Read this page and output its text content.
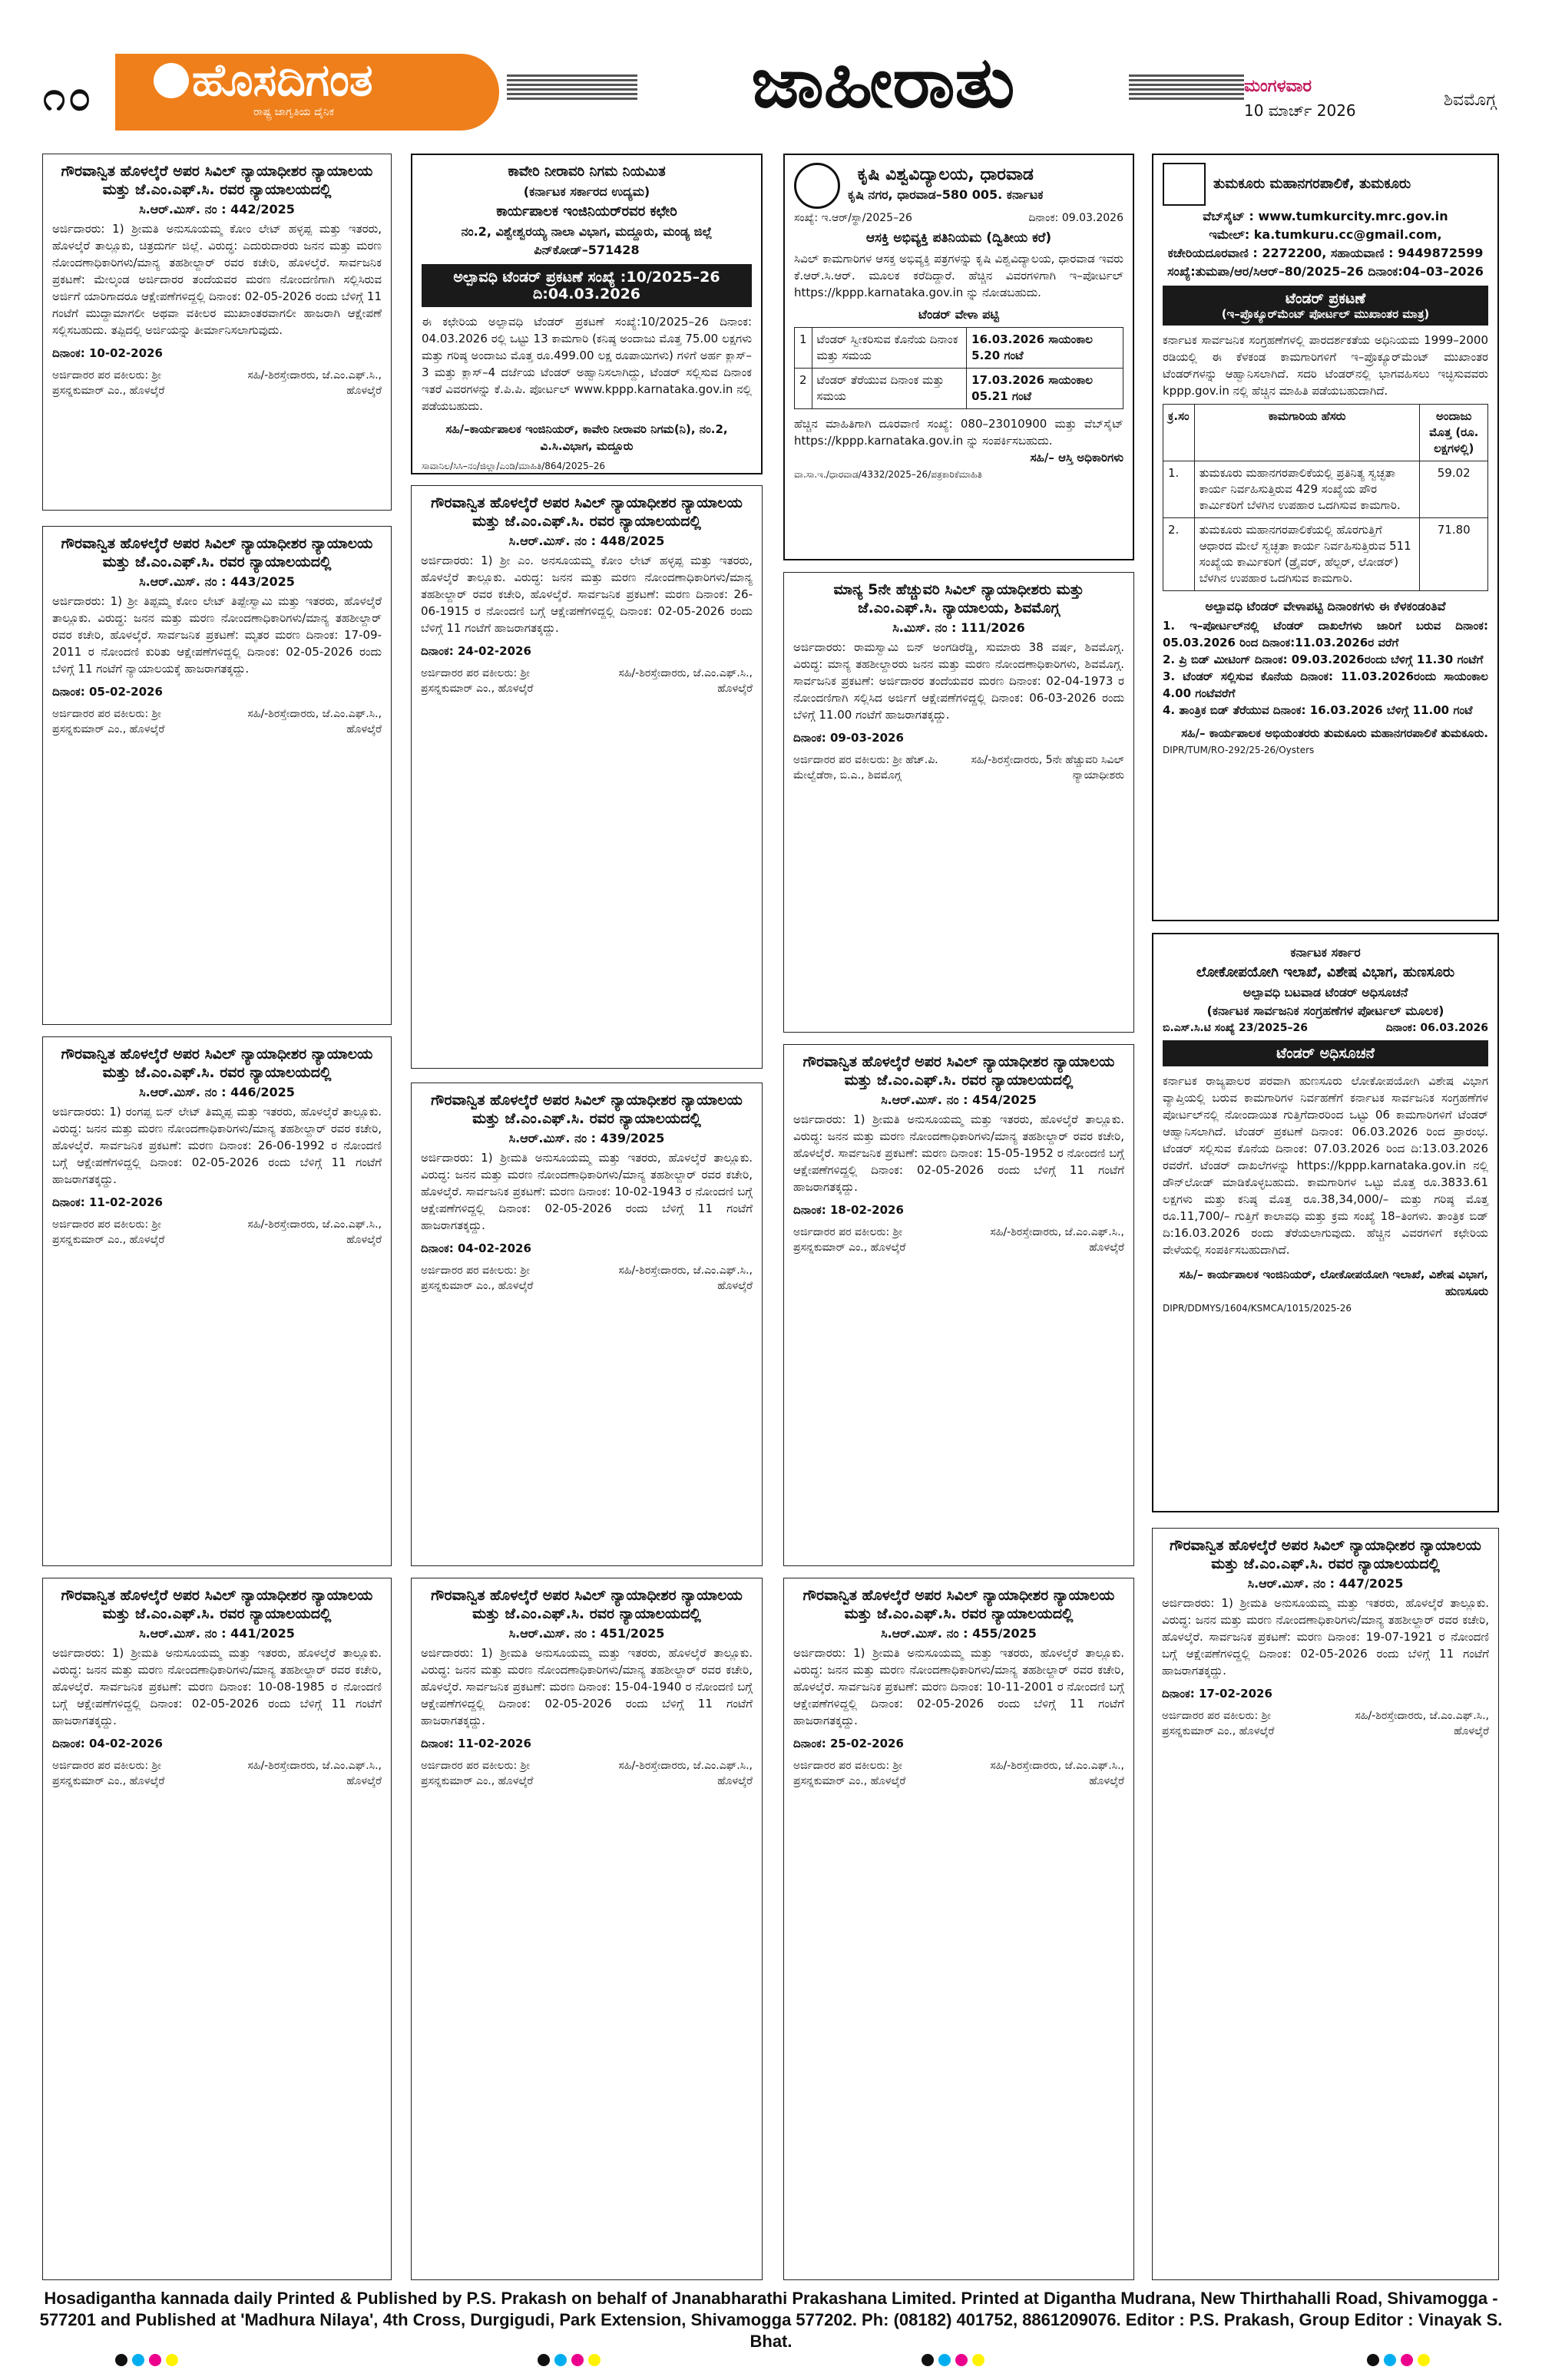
೧೦ ಹೊಸದಿಗಂತ
ರಾಷ್ಟ್ರ ಜಾಗೃತಿಯ ದೈನಿಕ	ಜಾಹೀರಾತು	ಮಂಗಳವಾರ
10 ಮಾರ್ಚ್ 2026
ಶಿವಮೊಗ್ಗ
ಗೌರವಾನ್ವಿತ ಹೊಳಲ್ಕೆರೆ ಅಪರ ಸಿವಿಲ್ ನ್ಯಾಯಾಧೀಶರ ನ್ಯಾಯಾಲಯ ಮತ್ತು ಜೆ.ಎಂ.ಎಫ್.ಸಿ. ರವರ ನ್ಯಾಯಾಲಯದಲ್ಲಿ
ಸಿ.ಆರ್.ಮಿಸ್. ನಂ : 442/2025
ಅರ್ಜಿದಾರರು: 1) ಶ್ರೀಮತಿ ಅನುಸೂಯಮ್ಮ ಕೋಂ ಲೇಟ್ ಹಳ್ಳಪ್ಪ ಮತ್ತು ಇತರರು, ಹೊಳಲ್ಕೆರೆ ತಾಲ್ಲೂಕು, ಚಿತ್ರದುರ್ಗ ಜಿಲ್ಲೆ. ವಿರುದ್ಧ: ಎದುರುದಾರರು ಜನನ ಮತ್ತು ಮರಣ ನೋಂದಣಾಧಿಕಾರಿಗಳು/ಮಾನ್ಯ ತಹಶೀಲ್ದಾರ್ ರವರ ಕಚೇರಿ, ಹೊಳಲ್ಕೆರೆ. ಸಾರ್ವಜನಿಕ ಪ್ರಕಟಣೆ: ಮೇಲ್ಕಂಡ ಅರ್ಜಿದಾರರ ತಂದೆಯವರ ಮರಣ ನೋಂದಣಿಗಾಗಿ ಸಲ್ಲಿಸಿರುವ ಅರ್ಜಿಗೆ ಯಾರಿಗಾದರೂ ಆಕ್ಷೇಪಣೆಗಳಿದ್ದಲ್ಲಿ ದಿನಾಂಕ: 02-05-2026 ರಂದು ಬೆಳಿಗ್ಗೆ 11 ಗಂಟೆಗೆ ಮುದ್ದಾಮಾಗಲೀ ಅಥವಾ ವಕೀಲರ ಮುಖಾಂತರವಾಗಲೀ ಹಾಜರಾಗಿ ಆಕ್ಷೇಪಣೆ ಸಲ್ಲಿಸಬಹುದು. ತಪ್ಪಿದಲ್ಲಿ ಅರ್ಜಿಯನ್ನು ತೀರ್ಮಾನಿಸಲಾಗುವುದು.
ದಿನಾಂಕ: 10-02-2026
ಅರ್ಜಿದಾರರ ಪರ ವಕೀಲರು: ಶ್ರೀ ಪ್ರಸನ್ನಕುಮಾರ್ ಎಂ., ಹೊಳಲ್ಕೆರೆ
ಸಹಿ/-ಶಿರಸ್ತೇದಾರರು, ಜೆ.ಎಂ.ಎಫ್.ಸಿ., ಹೊಳಲ್ಕೆರೆ
ಗೌರವಾನ್ವಿತ ಹೊಳಲ್ಕೆರೆ ಅಪರ ಸಿವಿಲ್ ನ್ಯಾಯಾಧೀಶರ ನ್ಯಾಯಾಲಯ ಮತ್ತು ಜೆ.ಎಂ.ಎಫ್.ಸಿ. ರವರ ನ್ಯಾಯಾಲಯದಲ್ಲಿ
ಸಿ.ಆರ್.ಮಿಸ್. ನಂ : 443/2025
ಅರ್ಜಿದಾರರು: 1) ಶ್ರೀ ತಿಪ್ಪಮ್ಮ ಕೋಂ ಲೇಟ್ ತಿಪ್ಪೇಸ್ವಾಮಿ ಮತ್ತು ಇತರರು, ಹೊಳಲ್ಕೆರೆ ತಾಲ್ಲೂಕು. ವಿರುದ್ಧ: ಜನನ ಮತ್ತು ಮರಣ ನೋಂದಣಾಧಿಕಾರಿಗಳು/ಮಾನ್ಯ ತಹಶೀಲ್ದಾರ್ ರವರ ಕಚೇರಿ, ಹೊಳಲ್ಕೆರೆ. ಸಾರ್ವಜನಿಕ ಪ್ರಕಟಣೆ: ಮೃತರ ಮರಣ ದಿನಾಂಕ: 17-09-2011 ರ ನೋಂದಣಿ ಕುರಿತು ಆಕ್ಷೇಪಣೆಗಳಿದ್ದಲ್ಲಿ ದಿನಾಂಕ: 02-05-2026 ರಂದು ಬೆಳಿಗ್ಗೆ 11 ಗಂಟೆಗೆ ನ್ಯಾಯಾಲಯಕ್ಕೆ ಹಾಜರಾಗತಕ್ಕದ್ದು.
ದಿನಾಂಕ: 05-02-2026
ಅರ್ಜಿದಾರರ ಪರ ವಕೀಲರು: ಶ್ರೀ ಪ್ರಸನ್ನಕುಮಾರ್ ಎಂ., ಹೊಳಲ್ಕೆರೆ
ಸಹಿ/-ಶಿರಸ್ತೇದಾರರು, ಜೆ.ಎಂ.ಎಫ್.ಸಿ., ಹೊಳಲ್ಕೆರೆ
ಗೌರವಾನ್ವಿತ ಹೊಳಲ್ಕೆರೆ ಅಪರ ಸಿವಿಲ್ ನ್ಯಾಯಾಧೀಶರ ನ್ಯಾಯಾಲಯ ಮತ್ತು ಜೆ.ಎಂ.ಎಫ್.ಸಿ. ರವರ ನ್ಯಾಯಾಲಯದಲ್ಲಿ
ಸಿ.ಆರ್.ಮಿಸ್. ನಂ : 446/2025
ಅರ್ಜಿದಾರರು: 1) ರಂಗಪ್ಪ ಬಿನ್ ಲೇಟ್ ತಿಮ್ಮಪ್ಪ ಮತ್ತು ಇತರರು, ಹೊಳಲ್ಕೆರೆ ತಾಲ್ಲೂಕು. ವಿರುದ್ಧ: ಜನನ ಮತ್ತು ಮರಣ ನೋಂದಣಾಧಿಕಾರಿಗಳು/ಮಾನ್ಯ ತಹಶೀಲ್ದಾರ್ ರವರ ಕಚೇರಿ, ಹೊಳಲ್ಕೆರೆ. ಸಾರ್ವಜನಿಕ ಪ್ರಕಟಣೆ: ಮರಣ ದಿನಾಂಕ: 26-06-1992 ರ ನೋಂದಣಿ ಬಗ್ಗೆ ಆಕ್ಷೇಪಣೆಗಳಿದ್ದಲ್ಲಿ ದಿನಾಂಕ: 02-05-2026 ರಂದು ಬೆಳಿಗ್ಗೆ 11 ಗಂಟೆಗೆ ಹಾಜರಾಗತಕ್ಕದ್ದು.
ದಿನಾಂಕ: 11-02-2026
ಅರ್ಜಿದಾರರ ಪರ ವಕೀಲರು: ಶ್ರೀ ಪ್ರಸನ್ನಕುಮಾರ್ ಎಂ., ಹೊಳಲ್ಕೆರೆ
ಸಹಿ/-ಶಿರಸ್ತೇದಾರರು, ಜೆ.ಎಂ.ಎಫ್.ಸಿ., ಹೊಳಲ್ಕೆರೆ
ಗೌರವಾನ್ವಿತ ಹೊಳಲ್ಕೆರೆ ಅಪರ ಸಿವಿಲ್ ನ್ಯಾಯಾಧೀಶರ ನ್ಯಾಯಾಲಯ ಮತ್ತು ಜೆ.ಎಂ.ಎಫ್.ಸಿ. ರವರ ನ್ಯಾಯಾಲಯದಲ್ಲಿ
ಸಿ.ಆರ್.ಮಿಸ್. ನಂ : 441/2025
ಅರ್ಜಿದಾರರು: 1) ಶ್ರೀಮತಿ ಅನುಸೂಯಮ್ಮ ಮತ್ತು ಇತರರು, ಹೊಳಲ್ಕೆರೆ ತಾಲ್ಲೂಕು. ವಿರುದ್ಧ: ಜನನ ಮತ್ತು ಮರಣ ನೋಂದಣಾಧಿಕಾರಿಗಳು/ಮಾನ್ಯ ತಹಶೀಲ್ದಾರ್ ರವರ ಕಚೇರಿ, ಹೊಳಲ್ಕೆರೆ. ಸಾರ್ವಜನಿಕ ಪ್ರಕಟಣೆ: ಮರಣ ದಿನಾಂಕ: 10-08-1985 ರ ನೋಂದಣಿ ಬಗ್ಗೆ ಆಕ್ಷೇಪಣೆಗಳಿದ್ದಲ್ಲಿ ದಿನಾಂಕ: 02-05-2026 ರಂದು ಬೆಳಿಗ್ಗೆ 11 ಗಂಟೆಗೆ ಹಾಜರಾಗತಕ್ಕದ್ದು.
ದಿನಾಂಕ: 04-02-2026
ಅರ್ಜಿದಾರರ ಪರ ವಕೀಲರು: ಶ್ರೀ ಪ್ರಸನ್ನಕುಮಾರ್ ಎಂ., ಹೊಳಲ್ಕೆರೆ
ಸಹಿ/-ಶಿರಸ್ತೇದಾರರು, ಜೆ.ಎಂ.ಎಫ್.ಸಿ., ಹೊಳಲ್ಕೆರೆ
ಗೌರವಾನ್ವಿತ ಹೊಳಲ್ಕೆರೆ ಅಪರ ಸಿವಿಲ್ ನ್ಯಾಯಾಧೀಶರ ನ್ಯಾಯಾಲಯ ಮತ್ತು ಜೆ.ಎಂ.ಎಫ್.ಸಿ. ರವರ ನ್ಯಾಯಾಲಯದಲ್ಲಿ
ಸಿ.ಆರ್.ಮಿಸ್. ನಂ : 448/2025
ಅರ್ಜಿದಾರರು: 1) ಶ್ರೀ ಎಂ. ಅನಸೂಯಮ್ಮ ಕೋಂ ಲೇಟ್ ಹಳ್ಳಪ್ಪ ಮತ್ತು ಇತರರು, ಹೊಳಲ್ಕೆರೆ ತಾಲ್ಲೂಕು. ವಿರುದ್ಧ: ಜನನ ಮತ್ತು ಮರಣ ನೋಂದಣಾಧಿಕಾರಿಗಳು/ಮಾನ್ಯ ತಹಶೀಲ್ದಾರ್ ರವರ ಕಚೇರಿ, ಹೊಳಲ್ಕೆರೆ. ಸಾರ್ವಜನಿಕ ಪ್ರಕಟಣೆ: ಮರಣ ದಿನಾಂಕ: 26-06-1915 ರ ನೋಂದಣಿ ಬಗ್ಗೆ ಆಕ್ಷೇಪಣೆಗಳಿದ್ದಲ್ಲಿ ದಿನಾಂಕ: 02-05-2026 ರಂದು ಬೆಳಿಗ್ಗೆ 11 ಗಂಟೆಗೆ ಹಾಜರಾಗತಕ್ಕದ್ದು.
ದಿನಾಂಕ: 24-02-2026
ಅರ್ಜಿದಾರರ ಪರ ವಕೀಲರು: ಶ್ರೀ ಪ್ರಸನ್ನಕುಮಾರ್ ಎಂ., ಹೊಳಲ್ಕೆರೆ
ಸಹಿ/-ಶಿರಸ್ತೇದಾರರು, ಜೆ.ಎಂ.ಎಫ್.ಸಿ., ಹೊಳಲ್ಕೆರೆ
ಗೌರವಾನ್ವಿತ ಹೊಳಲ್ಕೆರೆ ಅಪರ ಸಿವಿಲ್ ನ್ಯಾಯಾಧೀಶರ ನ್ಯಾಯಾಲಯ ಮತ್ತು ಜೆ.ಎಂ.ಎಫ್.ಸಿ. ರವರ ನ್ಯಾಯಾಲಯದಲ್ಲಿ
ಸಿ.ಆರ್.ಮಿಸ್. ನಂ : 439/2025
ಅರ್ಜಿದಾರರು: 1) ಶ್ರೀಮತಿ ಅನುಸೂಯಮ್ಮ ಮತ್ತು ಇತರರು, ಹೊಳಲ್ಕೆರೆ ತಾಲ್ಲೂಕು. ವಿರುದ್ಧ: ಜನನ ಮತ್ತು ಮರಣ ನೋಂದಣಾಧಿಕಾರಿಗಳು/ಮಾನ್ಯ ತಹಶೀಲ್ದಾರ್ ರವರ ಕಚೇರಿ, ಹೊಳಲ್ಕೆರೆ. ಸಾರ್ವಜನಿಕ ಪ್ರಕಟಣೆ: ಮರಣ ದಿನಾಂಕ: 10-02-1943 ರ ನೋಂದಣಿ ಬಗ್ಗೆ ಆಕ್ಷೇಪಣೆಗಳಿದ್ದಲ್ಲಿ ದಿನಾಂಕ: 02-05-2026 ರಂದು ಬೆಳಿಗ್ಗೆ 11 ಗಂಟೆಗೆ ಹಾಜರಾಗತಕ್ಕದ್ದು.
ದಿನಾಂಕ: 04-02-2026
ಅರ್ಜಿದಾರರ ಪರ ವಕೀಲರು: ಶ್ರೀ ಪ್ರಸನ್ನಕುಮಾರ್ ಎಂ., ಹೊಳಲ್ಕೆರೆ
ಸಹಿ/-ಶಿರಸ್ತೇದಾರರು, ಜೆ.ಎಂ.ಎಫ್.ಸಿ., ಹೊಳಲ್ಕೆರೆ
ಗೌರವಾನ್ವಿತ ಹೊಳಲ್ಕೆರೆ ಅಪರ ಸಿವಿಲ್ ನ್ಯಾಯಾಧೀಶರ ನ್ಯಾಯಾಲಯ ಮತ್ತು ಜೆ.ಎಂ.ಎಫ್.ಸಿ. ರವರ ನ್ಯಾಯಾಲಯದಲ್ಲಿ
ಸಿ.ಆರ್.ಮಿಸ್. ನಂ : 451/2025
ಅರ್ಜಿದಾರರು: 1) ಶ್ರೀಮತಿ ಅನುಸೂಯಮ್ಮ ಮತ್ತು ಇತರರು, ಹೊಳಲ್ಕೆರೆ ತಾಲ್ಲೂಕು. ವಿರುದ್ಧ: ಜನನ ಮತ್ತು ಮರಣ ನೋಂದಣಾಧಿಕಾರಿಗಳು/ಮಾನ್ಯ ತಹಶೀಲ್ದಾರ್ ರವರ ಕಚೇರಿ, ಹೊಳಲ್ಕೆರೆ. ಸಾರ್ವಜನಿಕ ಪ್ರಕಟಣೆ: ಮರಣ ದಿನಾಂಕ: 15-04-1940 ರ ನೋಂದಣಿ ಬಗ್ಗೆ ಆಕ್ಷೇಪಣೆಗಳಿದ್ದಲ್ಲಿ ದಿನಾಂಕ: 02-05-2026 ರಂದು ಬೆಳಿಗ್ಗೆ 11 ಗಂಟೆಗೆ ಹಾಜರಾಗತಕ್ಕದ್ದು.
ದಿನಾಂಕ: 11-02-2026
ಅರ್ಜಿದಾರರ ಪರ ವಕೀಲರು: ಶ್ರೀ ಪ್ರಸನ್ನಕುಮಾರ್ ಎಂ., ಹೊಳಲ್ಕೆರೆ
ಸಹಿ/-ಶಿರಸ್ತೇದಾರರು, ಜೆ.ಎಂ.ಎಫ್.ಸಿ., ಹೊಳಲ್ಕೆರೆ
ಮಾನ್ಯ 5ನೇ ಹೆಚ್ಚುವರಿ ಸಿವಿಲ್ ನ್ಯಾಯಾಧೀಶರು ಮತ್ತು ಜೆ.ಎಂ.ಎಫ್.ಸಿ. ನ್ಯಾಯಾಲಯ, ಶಿವಮೊಗ್ಗ
ಸಿ.ಮಿಸ್. ನಂ : 111/2026
ಅರ್ಜಿದಾರರು: ರಾಮಸ್ವಾಮಿ ಬಿನ್ ಅಂಗಡಿರೆಡ್ಡಿ, ಸುಮಾರು 38 ವರ್ಷ, ಶಿವಮೊಗ್ಗ. ವಿರುದ್ಧ: ಮಾನ್ಯ ತಹಶೀಲ್ದಾರರು ಜನನ ಮತ್ತು ಮರಣ ನೋಂದಣಾಧಿಕಾರಿಗಳು, ಶಿವಮೊಗ್ಗ. ಸಾರ್ವಜನಿಕ ಪ್ರಕಟಣೆ: ಅರ್ಜಿದಾರರ ತಂದೆಯವರ ಮರಣ ದಿನಾಂಕ: 02-04-1973 ರ ನೋಂದಣಿಗಾಗಿ ಸಲ್ಲಿಸಿದ ಅರ್ಜಿಗೆ ಆಕ್ಷೇಪಣೆಗಳಿದ್ದಲ್ಲಿ ದಿನಾಂಕ: 06-03-2026 ರಂದು ಬೆಳಿಗ್ಗೆ 11.00 ಗಂಟೆಗೆ ಹಾಜರಾಗತಕ್ಕದ್ದು.
ದಿನಾಂಕ: 09-03-2026
ಅರ್ಜಿದಾರರ ಪರ ವಕೀಲರು: ಶ್ರೀ ಹೆಚ್.ಪಿ. ಮೇಲ್ವೆಡೆರಾ, ಬಿ.ಎ., ಶಿವಮೊಗ್ಗ
ಸಹಿ/-ಶಿರಸ್ತೇದಾರರು, 5ನೇ ಹೆಚ್ಚುವರಿ ಸಿವಿಲ್ ನ್ಯಾಯಾಧೀಶರು
ಗೌರವಾನ್ವಿತ ಹೊಳಲ್ಕೆರೆ ಅಪರ ಸಿವಿಲ್ ನ್ಯಾಯಾಧೀಶರ ನ್ಯಾಯಾಲಯ ಮತ್ತು ಜೆ.ಎಂ.ಎಫ್.ಸಿ. ರವರ ನ್ಯಾಯಾಲಯದಲ್ಲಿ
ಸಿ.ಆರ್.ಮಿಸ್. ನಂ : 454/2025
ಅರ್ಜಿದಾರರು: 1) ಶ್ರೀಮತಿ ಅನುಸೂಯಮ್ಮ ಮತ್ತು ಇತರರು, ಹೊಳಲ್ಕೆರೆ ತಾಲ್ಲೂಕು. ವಿರುದ್ಧ: ಜನನ ಮತ್ತು ಮರಣ ನೋಂದಣಾಧಿಕಾರಿಗಳು/ಮಾನ್ಯ ತಹಶೀಲ್ದಾರ್ ರವರ ಕಚೇರಿ, ಹೊಳಲ್ಕೆರೆ. ಸಾರ್ವಜನಿಕ ಪ್ರಕಟಣೆ: ಮರಣ ದಿನಾಂಕ: 15-05-1952 ರ ನೋಂದಣಿ ಬಗ್ಗೆ ಆಕ್ಷೇಪಣೆಗಳಿದ್ದಲ್ಲಿ ದಿನಾಂಕ: 02-05-2026 ರಂದು ಬೆಳಿಗ್ಗೆ 11 ಗಂಟೆಗೆ ಹಾಜರಾಗತಕ್ಕದ್ದು.
ದಿನಾಂಕ: 18-02-2026
ಅರ್ಜಿದಾರರ ಪರ ವಕೀಲರು: ಶ್ರೀ ಪ್ರಸನ್ನಕುಮಾರ್ ಎಂ., ಹೊಳಲ್ಕೆರೆ
ಸಹಿ/-ಶಿರಸ್ತೇದಾರರು, ಜೆ.ಎಂ.ಎಫ್.ಸಿ., ಹೊಳಲ್ಕೆರೆ
ಗೌರವಾನ್ವಿತ ಹೊಳಲ್ಕೆರೆ ಅಪರ ಸಿವಿಲ್ ನ್ಯಾಯಾಧೀಶರ ನ್ಯಾಯಾಲಯ ಮತ್ತು ಜೆ.ಎಂ.ಎಫ್.ಸಿ. ರವರ ನ್ಯಾಯಾಲಯದಲ್ಲಿ
ಸಿ.ಆರ್.ಮಿಸ್. ನಂ : 455/2025
ಅರ್ಜಿದಾರರು: 1) ಶ್ರೀಮತಿ ಅನುಸೂಯಮ್ಮ ಮತ್ತು ಇತರರು, ಹೊಳಲ್ಕೆರೆ ತಾಲ್ಲೂಕು. ವಿರುದ್ಧ: ಜನನ ಮತ್ತು ಮರಣ ನೋಂದಣಾಧಿಕಾರಿಗಳು/ಮಾನ್ಯ ತಹಶೀಲ್ದಾರ್ ರವರ ಕಚೇರಿ, ಹೊಳಲ್ಕೆರೆ. ಸಾರ್ವಜನಿಕ ಪ್ರಕಟಣೆ: ಮರಣ ದಿನಾಂಕ: 10-11-2001 ರ ನೋಂದಣಿ ಬಗ್ಗೆ ಆಕ್ಷೇಪಣೆಗಳಿದ್ದಲ್ಲಿ ದಿನಾಂಕ: 02-05-2026 ರಂದು ಬೆಳಿಗ್ಗೆ 11 ಗಂಟೆಗೆ ಹಾಜರಾಗತಕ್ಕದ್ದು.
ದಿನಾಂಕ: 25-02-2026
ಅರ್ಜಿದಾರರ ಪರ ವಕೀಲರು: ಶ್ರೀ ಪ್ರಸನ್ನಕುಮಾರ್ ಎಂ., ಹೊಳಲ್ಕೆರೆ
ಸಹಿ/-ಶಿರಸ್ತೇದಾರರು, ಜೆ.ಎಂ.ಎಫ್.ಸಿ., ಹೊಳಲ್ಕೆರೆ
ಗೌರವಾನ್ವಿತ ಹೊಳಲ್ಕೆರೆ ಅಪರ ಸಿವಿಲ್ ನ್ಯಾಯಾಧೀಶರ ನ್ಯಾಯಾಲಯ ಮತ್ತು ಜೆ.ಎಂ.ಎಫ್.ಸಿ. ರವರ ನ್ಯಾಯಾಲಯದಲ್ಲಿ
ಸಿ.ಆರ್.ಮಿಸ್. ನಂ : 447/2025
ಅರ್ಜಿದಾರರು: 1) ಶ್ರೀಮತಿ ಅನುಸೂಯಮ್ಮ ಮತ್ತು ಇತರರು, ಹೊಳಲ್ಕೆರೆ ತಾಲ್ಲೂಕು. ವಿರುದ್ಧ: ಜನನ ಮತ್ತು ಮರಣ ನೋಂದಣಾಧಿಕಾರಿಗಳು/ಮಾನ್ಯ ತಹಶೀಲ್ದಾರ್ ರವರ ಕಚೇರಿ, ಹೊಳಲ್ಕೆರೆ. ಸಾರ್ವಜನಿಕ ಪ್ರಕಟಣೆ: ಮರಣ ದಿನಾಂಕ: 19-07-1921 ರ ನೋಂದಣಿ ಬಗ್ಗೆ ಆಕ್ಷೇಪಣೆಗಳಿದ್ದಲ್ಲಿ ದಿನಾಂಕ: 02-05-2026 ರಂದು ಬೆಳಿಗ್ಗೆ 11 ಗಂಟೆಗೆ ಹಾಜರಾಗತಕ್ಕದ್ದು.
ದಿನಾಂಕ: 17-02-2026
ಅರ್ಜಿದಾರರ ಪರ ವಕೀಲರು: ಶ್ರೀ ಪ್ರಸನ್ನಕುಮಾರ್ ಎಂ., ಹೊಳಲ್ಕೆರೆ
ಸಹಿ/-ಶಿರಸ್ತೇದಾರರು, ಜೆ.ಎಂ.ಎಫ್.ಸಿ., ಹೊಳಲ್ಕೆರೆ
ಕಾವೇರಿ ನೀರಾವರಿ ನಿಗಮ ನಿಯಮಿತ
(ಕರ್ನಾಟಕ ಸರ್ಕಾರದ ಉದ್ಯಮ)
ಕಾರ್ಯಪಾಲಕ ಇಂಜಿನಿಯರ್‌ರವರ ಕಛೇರಿ
ನಂ.2, ವಿಶ್ವೇಶ್ವರಯ್ಯ ನಾಲಾ ವಿಭಾಗ, ಮದ್ದೂರು, ಮಂಡ್ಯ ಜಿಲ್ಲೆ
ಪಿನ್‌ಕೋಡ್–571428
ಅಲ್ಪಾವಧಿ ಟೆಂಡರ್ ಪ್ರಕಟಣೆ ಸಂಖ್ಯೆ :10/2025–26 ದಿ:04.03.2026
ಈ ಕಛೇರಿಯ ಅಲ್ಪಾವಧಿ ಟೆಂಡರ್ ಪ್ರಕಟಣೆ ಸಂಖ್ಯೆ:10/2025–26 ದಿನಾಂಕ: 04.03.2026 ರಲ್ಲಿ ಒಟ್ಟು 13 ಕಾಮಗಾರಿ (ಕನಿಷ್ಠ ಅಂದಾಜು ಮೊತ್ತ 75.00 ಲಕ್ಷಗಳು ಮತ್ತು ಗರಿಷ್ಠ ಅಂದಾಜು ಮೊತ್ತ ರೂ.499.00 ಲಕ್ಷ ರೂಪಾಯಿಗಳು) ಗಳಿಗೆ ಅರ್ಹ ಕ್ಲಾಸ್–3 ಮತ್ತು ಕ್ಲಾಸ್–4 ದರ್ಜೆಯ ಟೆಂಡರ್ ಅಹ್ವಾನಿಸಲಾಗಿದ್ದು, ಟೆಂಡರ್ ಸಲ್ಲಿಸುವ ದಿನಾಂಕ ಇತರೆ ವಿವರಗಳನ್ನು ಕೆ.ಪಿ.ಪಿ. ಪೋರ್ಟಲ್ www.kppp.karnataka.gov.in ನಲ್ಲಿ ಪಡೆಯಬಹುದು.
ಸಹಿ/–ಕಾರ್ಯಪಾಲಕ ಇಂಜಿನಿಯರ್, ಕಾವೇರಿ ನೀರಾವರಿ ನಿಗಮ(ನಿ), ನಂ.2, ವಿ.ಸಿ.ವಿಭಾಗ, ಮದ್ದೂರು
ಸಾವಾನಿಲ/ಸಿಸಿ–ನಂ/ಜಿಲ್ಲಾ/ಎಂಡಿ/ಮಾಹಿತಿ/864/2025–26
ಕೃಷಿ ವಿಶ್ವವಿದ್ಯಾಲಯ, ಧಾರವಾಡ
ಕೃಷಿ ನಗರ, ಧಾರವಾಡ–580 005. ಕರ್ನಾಟಕ
ಸಂಖ್ಯೆ: ಇ.ಆರ್/ಸ್ಥಾ/2025–26	ದಿನಾಂಕ: 09.03.2026
ಆಸಕ್ತಿ ಅಭಿವ್ಯಕ್ತಿ ಪತಿನಿಯಮ (ದ್ವಿತೀಯ ಕರೆ)
ಸಿವಿಲ್ ಕಾಮಗಾರಿಗಳ ಆಸಕ್ತ ಅಭಿವ್ಯಕ್ತಿ ಪತ್ರಗಳನ್ನು ಕೃಷಿ ವಿಶ್ವವಿದ್ಯಾಲಯ, ಧಾರವಾಡ ಇವರು ಕೆ.ಆರ್.ಸಿ.ಆರ್. ಮೂಲಕ ಕರೆದಿದ್ದಾರೆ. ಹೆಚ್ಚಿನ ವಿವರಗಳಿಗಾಗಿ ಇ–ಪೋರ್ಟಲ್ https://kppp.karnataka.gov.in ನ್ನು ನೋಡಬಹುದು.
ಟೆಂಡರ್ ವೇಳಾ ಪಟ್ಟಿ
1	ಟೆಂಡರ್ ಸ್ವೀಕರಿಸುವ ಕೊನೆಯ ದಿನಾಂಕ ಮತ್ತು ಸಮಯ	16.03.2026 ಸಾಯಂಕಾಲ 5.20 ಗಂಟೆ
2	ಟೆಂಡರ್ ತೆರೆಯುವ ದಿನಾಂಕ ಮತ್ತು ಸಮಯ	17.03.2026 ಸಾಯಂಕಾಲ 05.21 ಗಂಟೆ
ಹೆಚ್ಚಿನ ಮಾಹಿತಿಗಾಗಿ ದೂರವಾಣಿ ಸಂಖ್ಯೆ: 080–23010900 ಮತ್ತು ವೆಬ್‌ಸೈಟ್ https://kppp.karnataka.gov.in ನ್ನು ಸಂಪರ್ಕಿಸಬಹುದು.
ಸಹಿ/– ಆಸ್ತಿ ಅಧಿಕಾರಿಗಳು
ವಾ.ಸಾ.ಇ./ಧಾರವಾಡ/4332/2025–26/ಪತ್ರಕಾರಿಕೆಮಾಹಿತಿ
ತುಮಕೂರು ಮಹಾನಗರಪಾಲಿಕೆ, ತುಮಕೂರು
ವೆಬ್‌ಸೈಟ್ : www.tumkurcity.mrc.gov.in
ಇಮೇಲ್: ka.tumkuru.cc@gmail.com,
ಕಚೇರಿಯದೂರವಾಣಿ : 2272200, ಸಹಾಯವಾಣಿ : 9449872599
ಸಂಖ್ಯೆ:ತುಮಪಾ/ಆರ/ಸಿಆರ್–80/2025–26 ದಿನಾಂಕ:04–03–2026
ಟೆಂಡರ್ ಪ್ರಕಟಣೆ
(ಇ–ಪ್ರೊಕ್ಯೂರ್‌ಮೆಂಟ್ ಪೋರ್ಟಲ್ ಮುಖಾಂತರ ಮಾತ್ರ)
ಕರ್ನಾಟಕ ಸಾರ್ವಜನಿಕ ಸಂಗ್ರಹಣೆಗಳಲ್ಲಿ ಪಾರದರ್ಶಕತೆಯ ಅಧಿನಿಯಮ 1999–2000 ರಡಿಯಲ್ಲಿ ಈ ಕೆಳಕಂಡ ಕಾಮಗಾರಿಗಳಿಗೆ ಇ–ಪ್ರೊಕ್ಯೂರ್‌ಮೆಂಟ್ ಮುಖಾಂತರ ಟೆಂಡರ್‌ಗಳನ್ನು ಆಹ್ವಾನಿಸಲಾಗಿದೆ. ಸದರಿ ಟೆಂಡರ್‌ನಲ್ಲಿ ಭಾಗವಹಿಸಲು ಇಚ್ಛಿಸುವವರು kppp.gov.in ನಲ್ಲಿ ಹೆಚ್ಚಿನ ಮಾಹಿತಿ ಪಡೆಯಬಹುದಾಗಿದೆ.
ಕ್ರ.ಸಂ	ಕಾಮಗಾರಿಯ ಹೆಸರು	ಅಂದಾಜು ಮೊತ್ತ (ರೂ. ಲಕ್ಷಗಳಲ್ಲಿ)
1.	ತುಮಕೂರು ಮಹಾನಗರಪಾಲಿಕೆಯಲ್ಲಿ ಪ್ರತಿನಿತ್ಯ ಸ್ವಚ್ಛತಾ ಕಾರ್ಯ ನಿರ್ವಹಿಸುತ್ತಿರುವ 429 ಸಂಖ್ಯೆಯ ಪೌರ ಕಾರ್ಮಿಕರಿಗೆ ಬೆಳಗಿನ ಉಪಹಾರ ಒದಗಿಸುವ ಕಾಮಗಾರಿ.	59.02
2.	ತುಮಕೂರು ಮಹಾನಗರಪಾಲಿಕೆಯಲ್ಲಿ ಹೊರಗುತ್ತಿಗೆ ಆಧಾರದ ಮೇಲೆ ಸ್ವಚ್ಛತಾ ಕಾರ್ಯ ನಿರ್ವಹಿಸುತ್ತಿರುವ 511 ಸಂಖ್ಯೆಯ ಕಾರ್ಮಿಕರಿಗೆ (ಡ್ರೈವರ್, ಹೆಲ್ಪರ್, ಲೋಡರ್) ಬೆಳಗಿನ ಉಪಹಾರ ಒದಗಿಸುವ ಕಾಮಗಾರಿ.	71.80
ಅಲ್ಪಾವಧಿ ಟೆಂಡರ್ ವೇಳಾಪಟ್ಟಿ ದಿನಾಂಕಗಳು ಈ ಕೆಳಕಂಡಂತಿವೆ
1. ಇ–ಪೋರ್ಟಲ್‌ನಲ್ಲಿ ಟೆಂಡರ್ ದಾಖಲೆಗಳು ಜಾರಿಗೆ ಬರುವ ದಿನಾಂಕ: 05.03.2026 ರಿಂದ ದಿನಾಂಕ:11.03.2026ರ ವರೆಗೆ
2. ಪ್ರಿ ಬಿಡ್ ಮೀಟಿಂಗ್ ದಿನಾಂಕ: 09.03.2026ರಂದು ಬೆಳಿಗ್ಗೆ 11.30 ಗಂಟೆಗೆ
3. ಟೆಂಡರ್ ಸಲ್ಲಿಸುವ ಕೊನೆಯ ದಿನಾಂಕ: 11.03.2026ರಂದು ಸಾಯಂಕಾಲ 4.00 ಗಂಟೆವರೆಗೆ
4. ತಾಂತ್ರಿಕ ಬಿಡ್ ತೆರೆಯುವ ದಿನಾಂಕ: 16.03.2026 ಬೆಳಿಗ್ಗೆ 11.00 ಗಂಟೆ
ಸಹಿ/– ಕಾರ್ಯಪಾಲಕ ಅಭಿಯಂತರರು ತುಮಕೂರು ಮಹಾನಗರಪಾಲಿಕೆ ತುಮಕೂರು.
DIPR/TUM/RO-292/25-26/Oysters
ಕರ್ನಾಟಕ ಸರ್ಕಾರ
ಲೋಕೋಪಯೋಗಿ ಇಲಾಖೆ, ವಿಶೇಷ ವಿಭಾಗ, ಹುಣಸೂರು
ಅಲ್ಪಾವಧಿ ಬಟವಾಡ ಟೆಂಡರ್ ಅಧಿಸೂಚನೆ
(ಕರ್ನಾಟಕ ಸಾರ್ವಜನಿಕ ಸಂಗ್ರಹಣೆಗಳ ಪೋರ್ಟಲ್ ಮೂಲಕ)
ಬಿ.ಎಸ್.ಸಿ.ಟಿ ಸಂಖ್ಯೆ 23/2025–26	ದಿನಾಂಕ: 06.03.2026
ಟೆಂಡರ್ ಅಧಿಸೂಚನೆ
ಕರ್ನಾಟಕ ರಾಜ್ಯಪಾಲರ ಪರವಾಗಿ ಹುಣಸೂರು ಲೋಕೋಪಯೋಗಿ ವಿಶೇಷ ವಿಭಾಗ ವ್ಯಾಪ್ತಿಯಲ್ಲಿ ಬರುವ ಕಾಮಗಾರಿಗಳ ನಿರ್ವಹಣೆಗೆ ಕರ್ನಾಟಕ ಸಾರ್ವಜನಿಕ ಸಂಗ್ರಹಣೆಗಳ ಪೋರ್ಟಲ್‌ನಲ್ಲಿ ನೋಂದಾಯಿತ ಗುತ್ತಿಗೆದಾರರಿಂದ ಒಟ್ಟು 06 ಕಾಮಗಾರಿಗಳಿಗೆ ಟೆಂಡರ್ ಆಹ್ವಾನಿಸಲಾಗಿದೆ. ಟೆಂಡರ್ ಪ್ರಕಟಣೆ ದಿನಾಂಕ: 06.03.2026 ರಿಂದ ಪ್ರಾರಂಭ. ಟೆಂಡರ್ ಸಲ್ಲಿಸುವ ಕೊನೆಯ ದಿನಾಂಕ: 07.03.2026 ರಿಂದ ದಿ:13.03.2026 ರವರೆಗೆ. ಟೆಂಡರ್ ದಾಖಲೆಗಳನ್ನು https://kppp.karnataka.gov.in ನಲ್ಲಿ ಡೌನ್‌ಲೋಡ್ ಮಾಡಿಕೊಳ್ಳಬಹುದು. ಕಾಮಗಾರಿಗಳ ಒಟ್ಟು ಮೊತ್ತ ರೂ.3833.61 ಲಕ್ಷಗಳು ಮತ್ತು ಕನಿಷ್ಠ ಮೊತ್ತ ರೂ.38,34,000/– ಮತ್ತು ಗರಿಷ್ಠ ಮೊತ್ತ ರೂ.11,700/– ಗುತ್ತಿಗೆ ಕಾಲಾವಧಿ ಮತ್ತು ಕ್ರಮ ಸಂಖ್ಯೆ 18–ತಿಂಗಳು. ತಾಂತ್ರಿಕ ಬಿಡ್ ದಿ:16.03.2026 ರಂದು ತೆರೆಯಲಾಗುವುದು. ಹೆಚ್ಚಿನ ವಿವರಗಳಿಗೆ ಕಛೇರಿಯ ವೇಳೆಯಲ್ಲಿ ಸಂಪರ್ಕಿಸಬಹುದಾಗಿದೆ.
ಸಹಿ/– ಕಾರ್ಯಪಾಲಕ ಇಂಜಿನಿಯರ್, ಲೋಕೋಪಯೋಗಿ ಇಲಾಖೆ, ವಿಶೇಷ ವಿಭಾಗ, ಹುಣಸೂರು
DIPR/DDMYS/1604/KSMCA/1015/2025-26
Hosadigantha kannada daily Printed & Published by P.S. Prakash on behalf of Jnanabharathi Prakashana Limited. Printed at Digantha Mudrana, New Thirthahalli Road, Shivamogga - 577201 and Published at 'Madhura Nilaya', 4th Cross, Durgigudi, Park Extension, Shivamogga 577202. Ph: (08182) 401752, 8861209076. Editor : P.S. Prakash, Group Editor : Vinayak S. Bhat.
